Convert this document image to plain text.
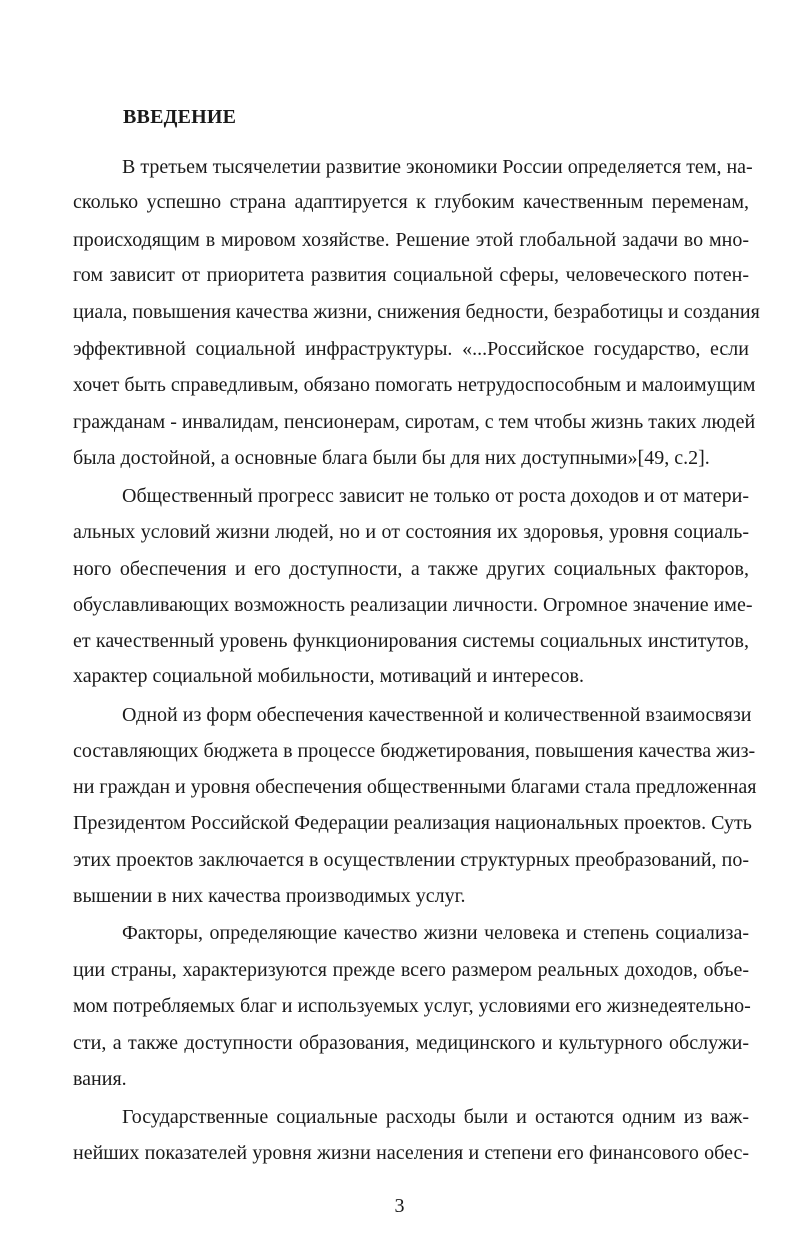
ВВЕДЕНИЕ
В третьем тысячелетии развитие экономики России определяется тем, на-
сколько успешно страна адаптируется к глубоким качественным переменам,
происходящим в мировом хозяйстве. Решение этой глобальной задачи во мно-
гом зависит от приоритета развития социальной сферы, человеческого потен-
циала, повышения качества жизни, снижения бедности, безработицы и создания
эффективной социальной инфраструктуры. «...Российское государство, если
хочет быть справедливым, обязано помогать нетрудоспособным и малоимущим
гражданам - инвалидам, пенсионерам, сиротам, с тем чтобы жизнь таких людей
была достойной, а основные блага были бы для них доступными»[49, с.2].
Общественный прогресс зависит не только от роста доходов и от матери-
альных условий жизни людей, но и от состояния их здоровья, уровня социаль-
ного обеспечения и его доступности, а также других социальных факторов,
обуславливающих возможность реализации личности. Огромное значение име-
ет качественный уровень функционирования системы социальных институтов,
характер социальной мобильности, мотиваций и интересов.
Одной из форм обеспечения качественной и количественной взаимосвязи
составляющих бюджета в процессе бюджетирования, повышения качества жиз-
ни граждан и уровня обеспечения общественными благами стала предложенная
Президентом Российской Федерации реализация национальных проектов. Суть
этих проектов заключается в осуществлении структурных преобразований, по-
вышении в них качества производимых услуг.
Факторы, определяющие качество жизни человека и степень социализа-
ции страны, характеризуются прежде всего размером реальных доходов, объе-
мом потребляемых благ и используемых услуг, условиями его жизнедеятельно-
сти, а также доступности образования, медицинского и культурного обслужи-
вания.
Государственные социальные расходы были и остаются одним из важ-
нейших показателей уровня жизни населения и степени его финансового обес-
3
